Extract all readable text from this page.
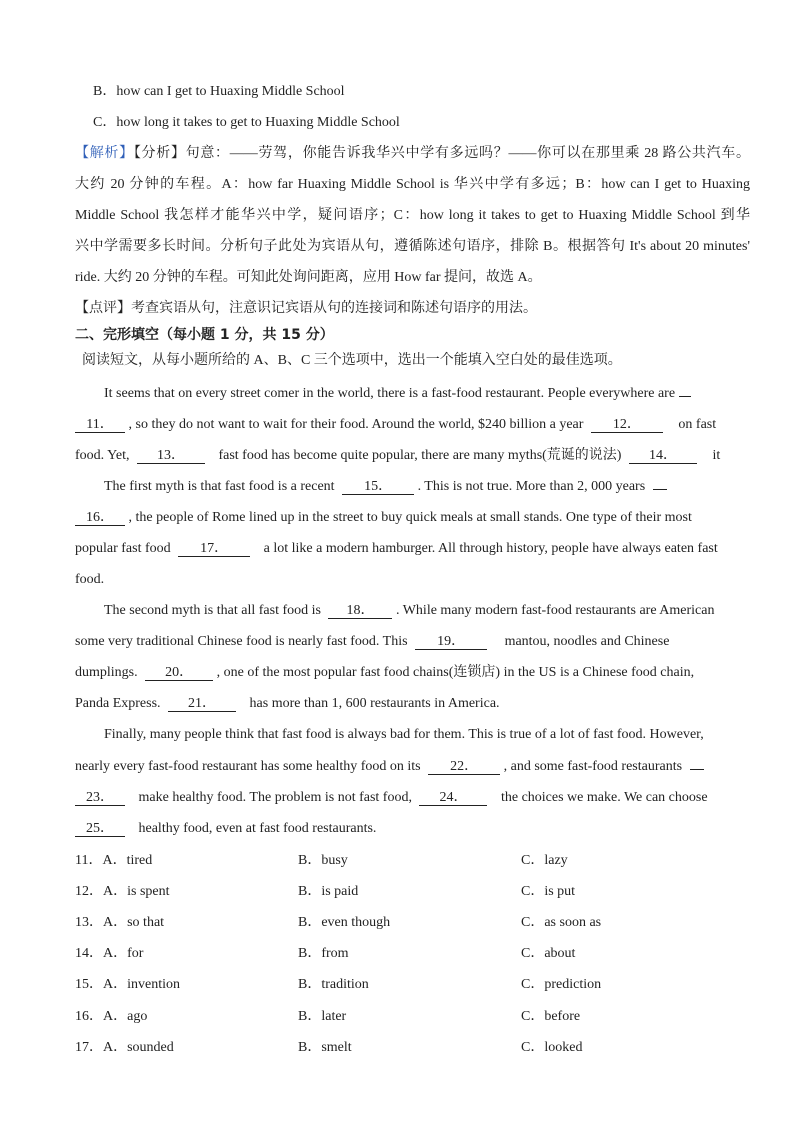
B．how can I get to Huaxing Middle School
C．how long it takes to get to Huaxing Middle School
【解析】【分析】句意：——劳驾，你能告诉我华兴中学有多远吗？——你可以在那里乘 28 路公共汽车。
大约 20 分钟的车程。A：how far Huaxing Middle School is 华兴中学有多远；B：how can I get to Huaxing
Middle School 我怎样才能华兴中学，疑问语序；C：how long it takes to get to Huaxing Middle School 到华
兴中学需要多长时间。分析句子此处为宾语从句，遵循陈述句语序，排除 B。根据答句 It's about 20 minutes'
ride. 大约 20 分钟的车程。可知此处询问距离，应用 How far 提问，故选 A。
【点评】考查宾语从句，注意识记宾语从句的连接词和陈述句语序的用法。
二、完形填空（每小题 1 分，共 15 分）
阅读短文，从每小题所给的 A、B、C 三个选项中，选出一个能填入空白处的最佳选项。
It seems that on every street comer in the world, there is a fast-food restaurant. People everywhere are
11． , so they do not want to wait for their food. Around the world, $240 billion a year 12．	on fast
food. Yet, 13． fast food has become quite popular, there are many myths(荒诞的说法) 14．	it
The first myth is that fast food is a recent 15． . This is not true. More than 2, 000 years
16． , the people of Rome lined up in the street to buy quick meals at small stands. One type of their most
popular fast food 17．	a lot like a modern hamburger. All through history, people have always eaten fast
food.
The second myth is that all fast food is 18． . While many modern fast-food restaurants are American
some very traditional Chinese food is nearly fast food. This 19．	mantou, noodles and Chinese
dumplings. 20． , one of the most popular fast food chains(连锁店) in the US is a Chinese food chain,
Panda Express. 21． has more than 1, 600 restaurants in America.
Finally, many people think that fast food is always bad for them. This is true of a lot of fast food. However,
nearly every fast-food restaurant has some healthy food on its 22． , and some fast-food restaurants
23． make healthy food. The problem is not fast food, 24． the choices we make. We can choose
25． healthy food, even at fast food restaurants.
11．A．tired	B．busy	C．lazy
12．A．is spent	B．is paid	C．is put
13．A．so that	B．even though	C．as soon as
14．A．for	B．from	C．about
15．A．invention	B．tradition	C．prediction
16．A．ago	B．later	C．before
17．A．sounded	B．smelt	C．looked
